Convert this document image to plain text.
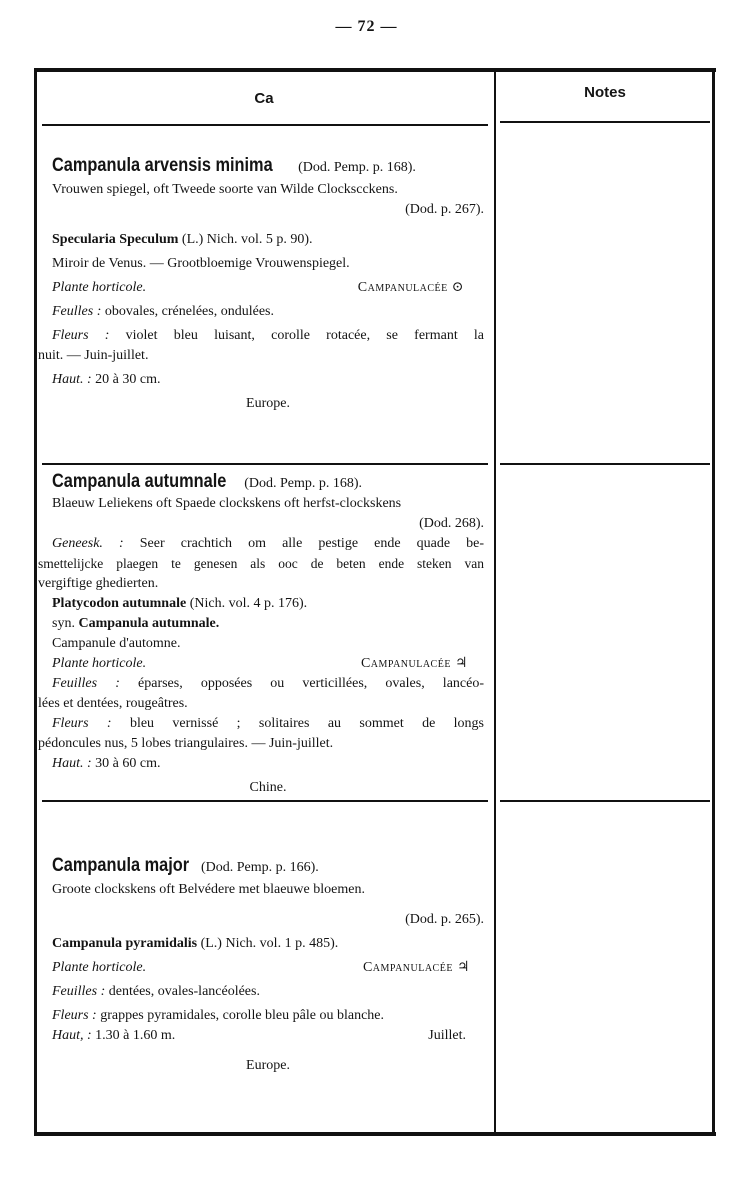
— 72 —
Ca	Notes
Campanula arvensis minima (Dod. Pemp. p. 168).
Vrouwen spiegel, oft Tweede soorte van Wilde Clockscckens.
(Dod. p. 267).
Specularia Speculum (L.) Nich. vol. 5 p. 90).
Miroir de Venus. — Grootbloemige Vrouwenspiegel.
Plante horticole.	Campanulacée ⊙
Feulles : obovales, crénelées, ondulées.
Fleurs : violet bleu luisant, corolle rotacée, se fermant la
nuit. — Juin-juillet.
Haut. : 20 à 30 cm.
Europe.
Campanula autumnale (Dod. Pemp. p. 168).
Blaeuw Leliekens oft Spaede clockskens oft herfst-clockskens
(Dod. 268).
Geneesk. : Seer crachtich om alle pestige ende quade be-
smettelijcke plaegen te genesen als ooc de beten ende steken van
vergiftige ghedierten.
Platycodon autumnale (Nich. vol. 4 p. 176).
syn. Campanula autumnale.
Campanule d'automne.
Plante horticole.	Campanulacée ♃
Feuilles : éparses, opposées ou verticillées, ovales, lancéo-
lées et dentées, rougeâtres.
Fleurs : bleu vernissé ; solitaires au sommet de longs
pédoncules nus, 5 lobes triangulaires. — Juin-juillet.
Haut. : 30 à 60 cm.
Chine.
Campanula major (Dod. Pemp. p. 166).
Groote clockskens oft Belvédere met blaeuwe bloemen.
(Dod. p. 265).
Campanula pyramidalis (L.) Nich. vol. 1 p. 485).
Plante horticole.	Campanulacée ♃
Feuilles : dentées, ovales-lancéolées.
Fleurs : grappes pyramidales, corolle bleu pâle ou blanche.
Haut, : 1.30 à 1.60 m.	Juillet.
Europe.
